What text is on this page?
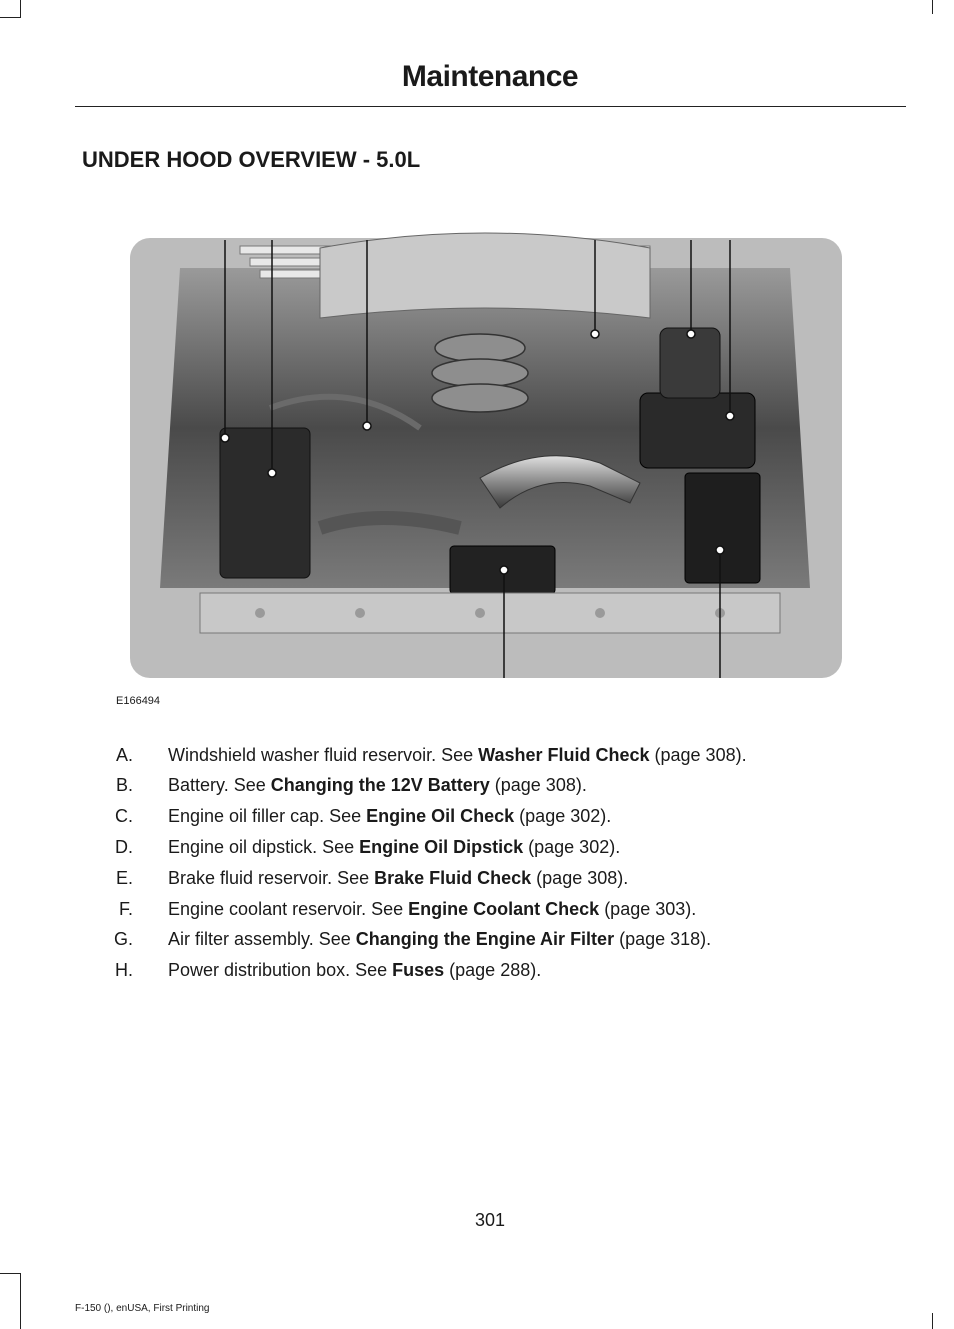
Maintenance
UNDER HOOD OVERVIEW - 5.0L
E166494
A. Windshield washer fluid reservoir. See Washer Fluid Check (page 308).
B. Battery. See Changing the 12V Battery (page 308).
C. Engine oil filler cap. See Engine Oil Check (page 302).
D. Engine oil dipstick. See Engine Oil Dipstick (page 302).
E. Brake fluid reservoir. See Brake Fluid Check (page 308).
F. Engine coolant reservoir. See Engine Coolant Check (page 303).
G. Air filter assembly. See Changing the Engine Air Filter (page 318).
H. Power distribution box. See Fuses (page 288).
301
F-150 (), enUSA, First Printing
